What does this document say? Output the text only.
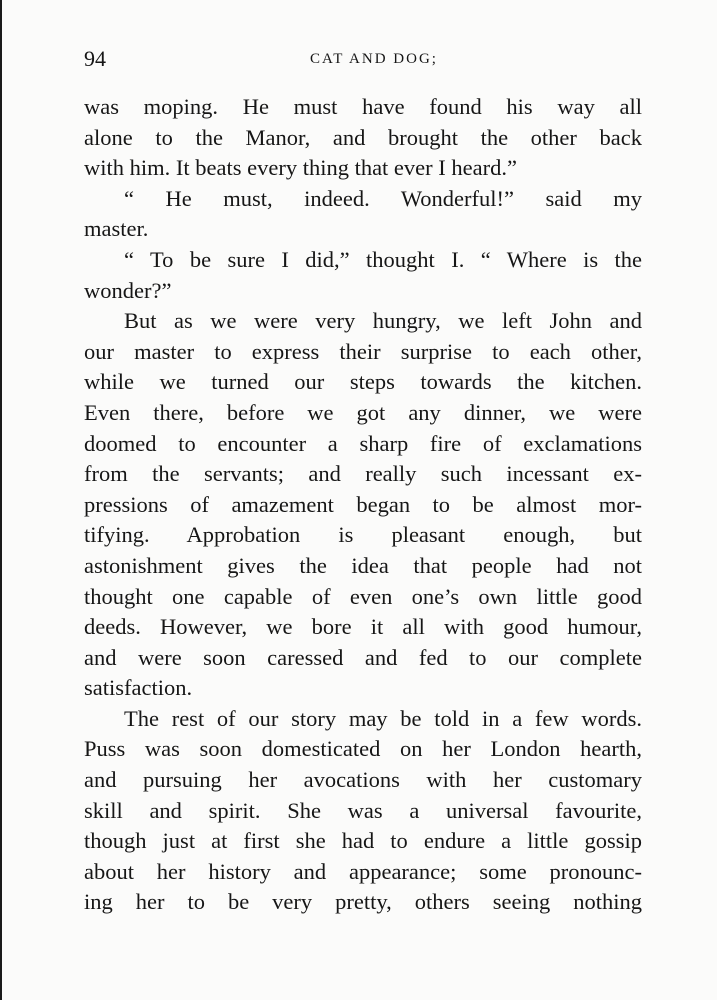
94	CAT AND DOG;
was moping. He must have found his way all
alone to the Manor, and brought the other back
with him. It beats every thing that ever I heard.”
“ He must, indeed. Wonderful!” said my
master.
“ To be sure I did,” thought I. “ Where is the
wonder?”
But as we were very hungry, we left John and
our master to express their surprise to each other,
while we turned our steps towards the kitchen.
Even there, before we got any dinner, we were
doomed to encounter a sharp fire of exclamations
from the servants; and really such incessant ex-
pressions of amazement began to be almost mor-
tifying. Approbation is pleasant enough, but
astonishment gives the idea that people had not
thought one capable of even one’s own little good
deeds. However, we bore it all with good humour,
and were soon caressed and fed to our complete
satisfaction.
The rest of our story may be told in a few words.
Puss was soon domesticated on her London hearth,
and pursuing her avocations with her customary
skill and spirit. She was a universal favourite,
though just at first she had to endure a little gossip
about her history and appearance; some pronounc-
ing her to be very pretty, others seeing nothing
